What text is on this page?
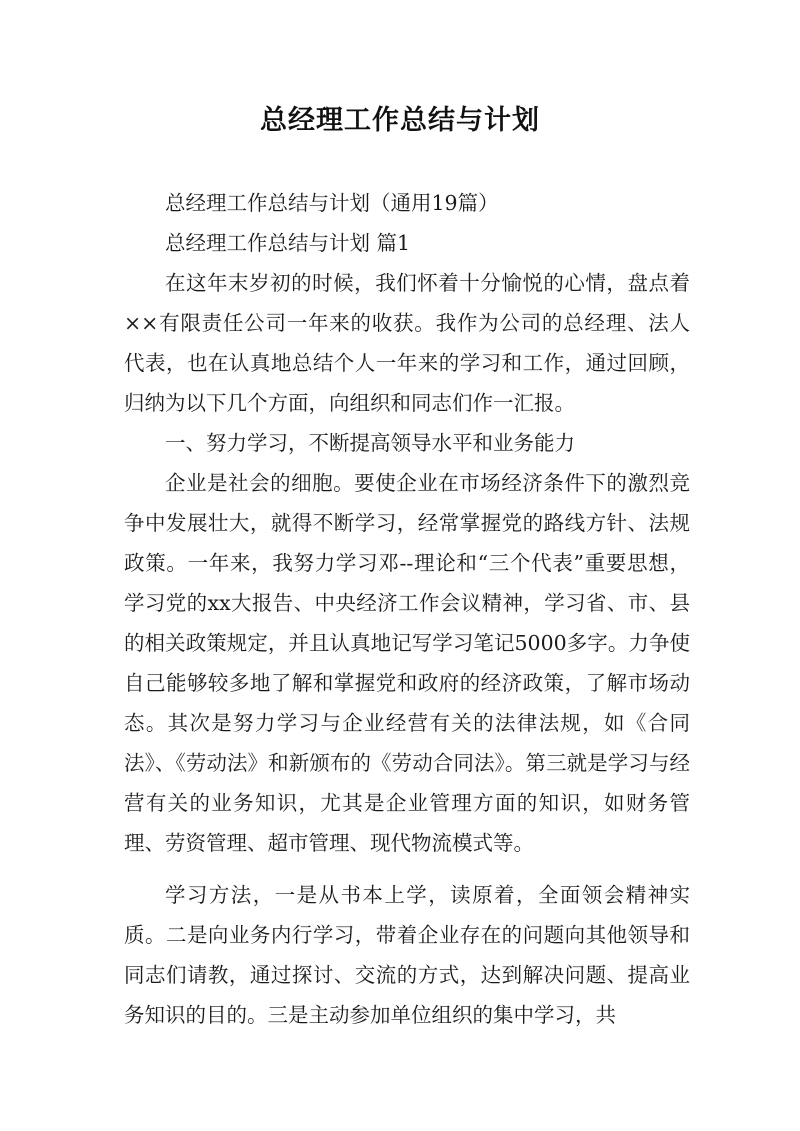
总经理工作总结与计划

总经理工作总结与计划（通用19篇）

总经理工作总结与计划 篇1

在这年末岁初的时候，我们怀着十分愉悦的心情，盘点着××有限责任公司一年来的收获。我作为公司的总经理、法人代表，也在认真地总结个人一年来的学习和工作，通过回顾，归纳为以下几个方面，向组织和同志们作一汇报。

一、努力学习，不断提高领导水平和业务能力

企业是社会的细胞。要使企业在市场经济条件下的激烈竞争中发展壮大，就得不断学习，经常掌握党的路线方针、法规政策。一年来，我努力学习邓--理论和“三个代表”重要思想，学习党的xx大报告、中央经济工作会议精神，学习省、市、县的相关政策规定，并且认真地记写学习笔记5000多字。力争使自己能够较多地了解和掌握党和政府的经济政策，了解市场动态。其次是努力学习与企业经营有关的法律法规，如《合同法》、《劳动法》和新颁布的《劳动合同法》。第三就是学习与经营有关的业务知识，尤其是企业管理方面的知识，如财务管理、劳资管理、超市管理、现代物流模式等。

学习方法，一是从书本上学，读原着，全面领会精神实质。二是向业务内行学习，带着企业存在的问题向其他领导和同志们请教，通过探讨、交流的方式，达到解决问题、提高业务知识的目的。三是主动参加单位组织的集中学习，共
